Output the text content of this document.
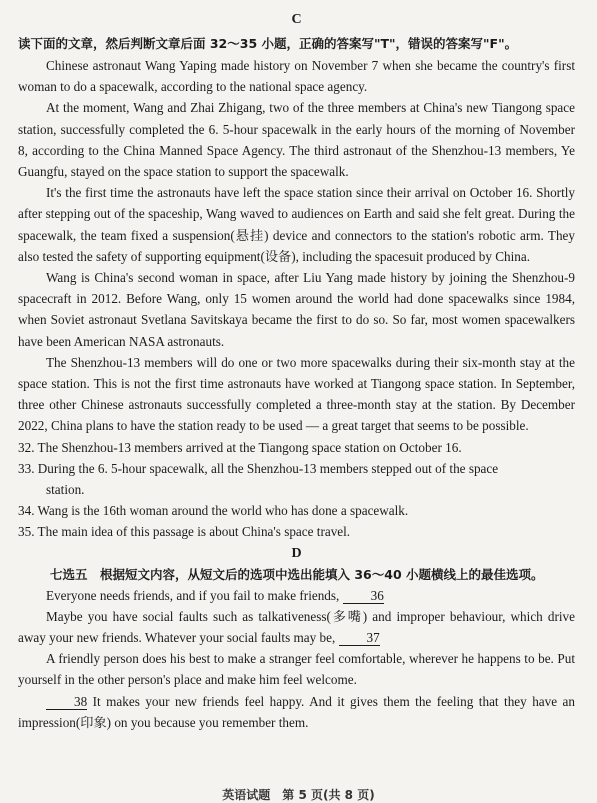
C
读下面的文章，然后判断文章后面 32～35 小题，正确的答案写"T"，错误的答案写"F"。

Chinese astronaut Wang Yaping made history on November 7 when she became the country's first woman to do a spacewalk, according to the national space agency.

At the moment, Wang and Zhai Zhigang, two of the three members at China's new Tiangong space station, successfully completed the 6. 5-hour spacewalk in the early hours of the morning of November 8, according to the China Manned Space Agency. The third astronaut of the Shenzhou-13 members, Ye Guangfu, stayed on the space station to support the spacewalk.

It's the first time the astronauts have left the space station since their arrival on October 16. Shortly after stepping out of the spaceship, Wang waved to audiences on Earth and said she felt great. During the spacewalk, the team fixed a suspension(悬挂) device and connectors to the station's robotic arm. They also tested the safety of supporting equipment(设备), including the spacesuit produced by China.

Wang is China's second woman in space, after Liu Yang made history by joining the Shenzhou-9 spacecraft in 2012. Before Wang, only 15 women around the world had done spacewalks since 1984, when Soviet astronaut Svetlana Savitskaya became the first to do so. So far, most women spacewalkers have been American NASA astronauts.

The Shenzhou-13 members will do one or two more spacewalks during their six-month stay at the space station. This is not the first time astronauts have worked at Tiangong space station. In September, three other Chinese astronauts successfully completed a three-month stay at the station. By December 2022, China plans to have the station ready to be used — a great target that seems to be possible.

32. The Shenzhou-13 members arrived at the Tiangong space station on October 16.

33. During the 6. 5-hour spacewalk, all the Shenzhou-13 members stepped out of the space
station.

34. Wang is the 16th woman around the world who has done a spacewalk.

35. The main idea of this passage is about China's space travel.

D
七选五　根据短文内容，从短文后的选项中选出能填入 36～40 小题横线上的最佳选项。

Everyone needs friends, and if you fail to make friends, 36

Maybe you have social faults such as talkativeness(多嘴) and improper behaviour, which drive away your new friends. Whatever your social faults may be, 37

A friendly person does his best to make a stranger feel comfortable, wherever he happens to be. Put yourself in the other person's place and make him feel welcome.

38 It makes your new friends feel happy. And it gives them the feeling that they have an impression(印象) on you because you remember them.

英语试题　第 5 页(共 8 页)
